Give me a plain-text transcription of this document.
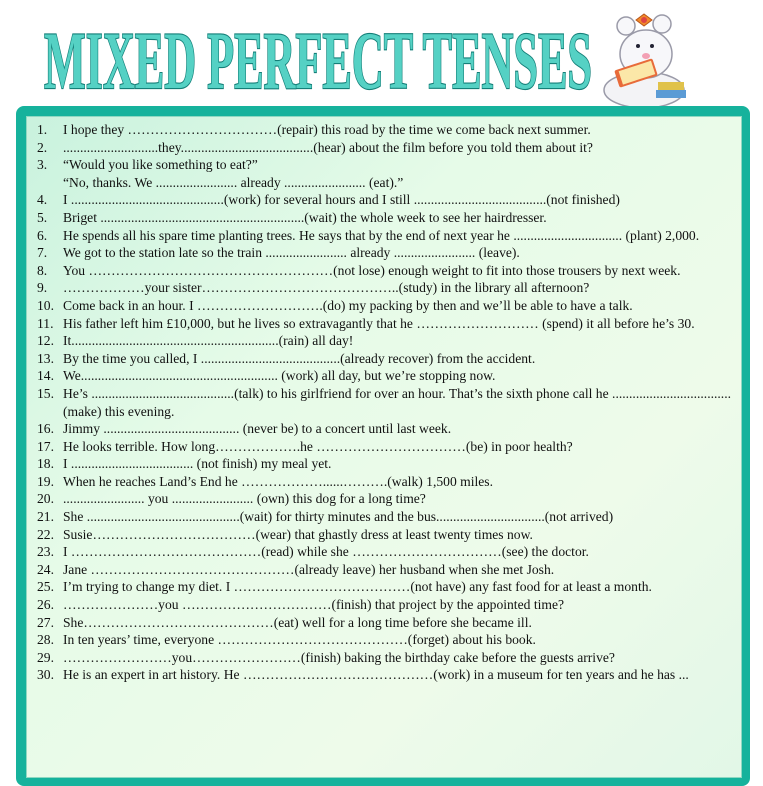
MIXED PERFECT TENSES
1.	I hope they ……………………………(repair) this road by the time we come back next summer.
2.	............................they.......................................(hear) about the film before you told them about it?
3.	“Would you like something to eat?”
“No, thanks. We ........................ already ........................ (eat).”
4.	I .............................................(work) for several hours and I still .......................................(not finished)
5.	Briget ............................................................(wait) the whole week to see her hairdresser.
6.	He spends all his spare time planting trees. He says that by the end of next year he ................................ (plant) 2,000.
7.	We got to the station late so the train ........................ already ........................ (leave).
8.	You ………………………………………………(not lose) enough weight to fit into those trousers by next week.
9.	………………your sister……………………………………..(study) in the library all afternoon?
10. Come back in an hour. I ……………………….(do) my packing by then and we’ll be able to have a talk.
11. His father left him £10,000, but he lives so extravagantly that he ……………………… (spend) it all before he’s 30.
12. It.............................................................(rain) all day!
13. By the time you called, I .........................................(already recover) from the accident.
14. We.......................................................... (work) all day, but we’re stopping now.
15. He’s ..........................................(talk) to his girlfriend for over an hour. That’s the sixth phone call he ...................................(make) this evening.
16. Jimmy ........................................ (never be) to a concert until last week.
17. He looks terrible. How long……………….he ……………………………(be) in poor health?
18. I .................................... (not finish) my meal yet.
19. When he reaches Land’s End he ………………......……….(walk) 1,500 miles.
20. ........................ you ........................ (own) this dog for a long time?
21. She .............................................(wait) for thirty minutes and the bus................................(not arrived)
22. Susie………………………………(wear) that ghastly dress at least twenty times now.
23. I ……………………………………(read) while she ……………………………(see) the doctor.
24. Jane ………………………………………(already leave) her husband when she met Josh.
25. I’m trying to change my diet. I …………………………………(not have) any fast food for at least a month.
26. …………………you ……………………………(finish) that project by the appointed time?
27. She……………………………………(eat) well for a long time before she became ill.
28. In ten years’ time, everyone ……………………………………(forget) about his book.
29. ……………………you……………………(finish) baking the birthday cake before the guests arrive?
30. He is an expert in art history. He ……………………………………(work) in a museum for ten years and he has ...
